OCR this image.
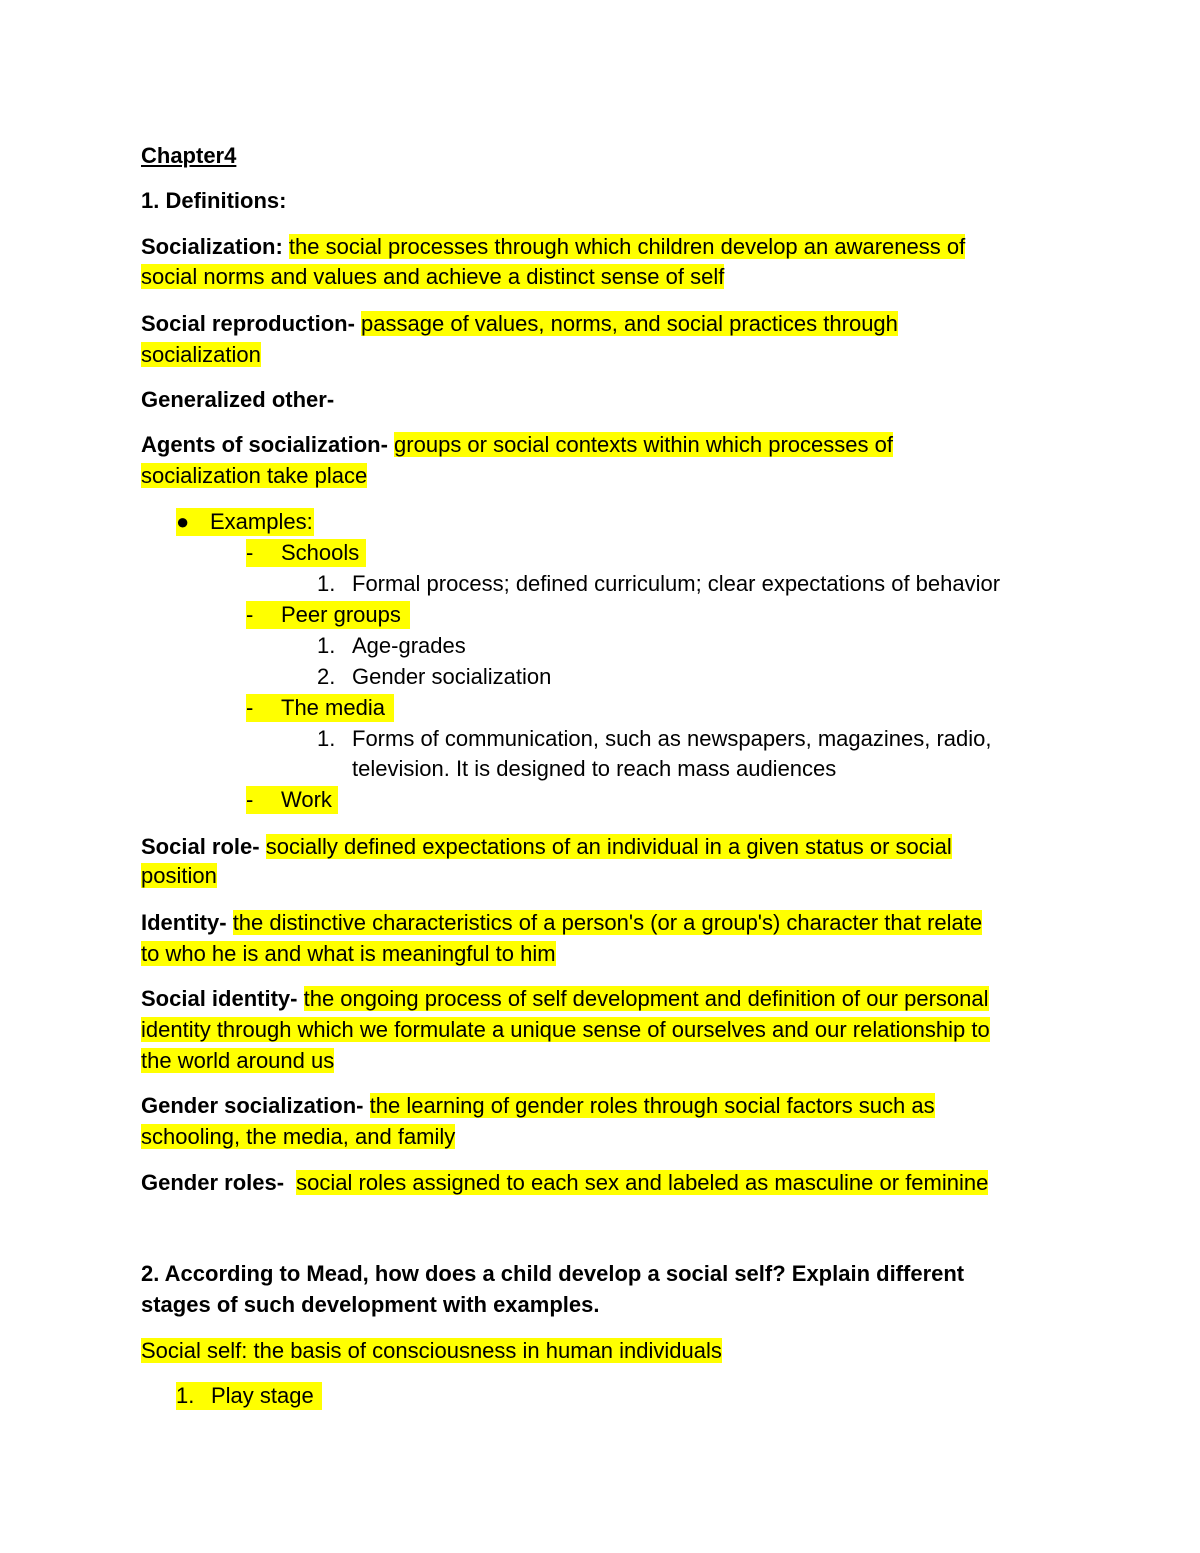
Chapter4
1. Definitions:
Socialization: the social processes through which children develop an awareness of
social norms and values and achieve a distinct sense of self
Social reproduction- passage of values, norms, and social practices through
socialization
Generalized other-
Agents of socialization- groups or social contexts within which processes of
socialization take place
● Examples:
- Schools
1. Formal process; defined curriculum; clear expectations of behavior
- Peer groups
1. Age-grades
2. Gender socialization
- The media
1. Forms of communication, such as newspapers, magazines, radio,
television. It is designed to reach mass audiences
- Work
Social role- socially defined expectations of an individual in a given status or social
position
Identity- the distinctive characteristics of a person's (or a group's) character that relate
to who he is and what is meaningful to him
Social identity- the ongoing process of self development and definition of our personal
identity through which we formulate a unique sense of ourselves and our relationship to
the world around us
Gender socialization- the learning of gender roles through social factors such as
schooling, the media, and family
Gender roles- social roles assigned to each sex and labeled as masculine or feminine
2. According to Mead, how does a child develop a social self? Explain different
stages of such development with examples.
Social self: the basis of consciousness in human individuals
1. Play stage
